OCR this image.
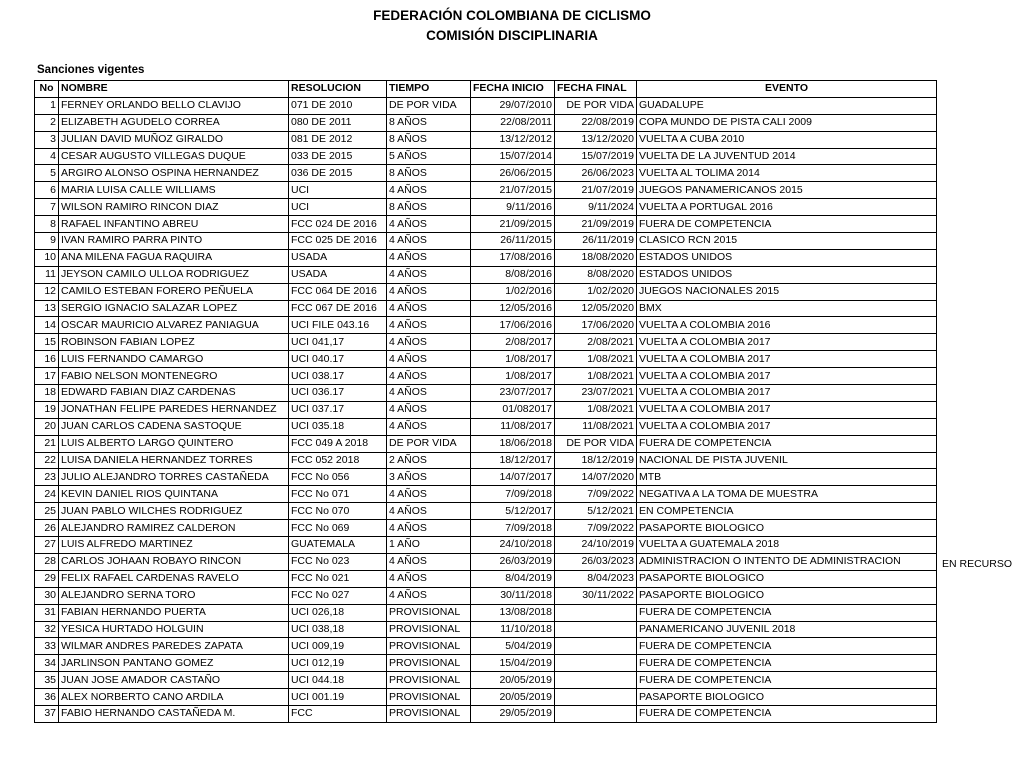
FEDERACIÓN COLOMBIANA DE CICLISMO
COMISIÓN DISCIPLINARIA
Sanciones vigentes
No	NOMBRE	RESOLUCION	TIEMPO	FECHA INICIO	FECHA FINAL	EVENTO
1	FERNEY ORLANDO BELLO CLAVIJO	071 DE 2010	DE POR VIDA	29/07/2010	DE POR VIDA	GUADALUPE
2	ELIZABETH AGUDELO CORREA	080 DE 2011	8 AÑOS	22/08/2011	22/08/2019	COPA MUNDO DE PISTA CALI 2009
3	JULIAN DAVID MUÑOZ GIRALDO	081 DE 2012	8 AÑOS	13/12/2012	13/12/2020	VUELTA A CUBA 2010
4	CESAR AUGUSTO VILLEGAS DUQUE	033 DE 2015	5 AÑOS	15/07/2014	15/07/2019	VUELTA DE LA JUVENTUD 2014
5	ARGIRO ALONSO OSPINA HERNANDEZ	036 DE 2015	8 AÑOS	26/06/2015	26/06/2023	VUELTA AL TOLIMA 2014
6	MARIA LUISA CALLE WILLIAMS	UCI	4 AÑOS	21/07/2015	21/07/2019	JUEGOS PANAMERICANOS 2015
7	WILSON RAMIRO RINCON DIAZ	UCI	8 AÑOS	9/11/2016	9/11/2024	VUELTA A PORTUGAL 2016
8	RAFAEL INFANTINO ABREU	FCC 024 DE 2016	4 AÑOS	21/09/2015	21/09/2019	FUERA DE COMPETENCIA
9	IVAN RAMIRO PARRA PINTO	FCC 025 DE 2016	4 AÑOS	26/11/2015	26/11/2019	CLASICO RCN 2015
10	ANA MILENA FAGUA RAQUIRA	USADA	4 AÑOS	17/08/2016	18/08/2020	ESTADOS UNIDOS
11	JEYSON CAMILO ULLOA RODRIGUEZ	USADA	4 AÑOS	8/08/2016	8/08/2020	ESTADOS UNIDOS
12	CAMILO ESTEBAN FORERO PEÑUELA	FCC 064 DE 2016	4 AÑOS	1/02/2016	1/02/2020	JUEGOS NACIONALES 2015
13	SERGIO IGNACIO SALAZAR LOPEZ	FCC 067 DE 2016	4 AÑOS	12/05/2016	12/05/2020	BMX
14	OSCAR MAURICIO ALVAREZ PANIAGUA	UCI FILE 043.16	4 AÑOS	17/06/2016	17/06/2020	VUELTA A COLOMBIA 2016
15	ROBINSON FABIAN LOPEZ	UCI 041,17	4 AÑOS	2/08/2017	2/08/2021	VUELTA A COLOMBIA 2017
16	LUIS FERNANDO CAMARGO	UCI 040.17	4 AÑOS	1/08/2017	1/08/2021	VUELTA A COLOMBIA 2017
17	FABIO NELSON MONTENEGRO	UCI 038.17	4 AÑOS	1/08/2017	1/08/2021	VUELTA A COLOMBIA 2017
18	EDWARD FABIAN DIAZ CARDENAS	UCI 036.17	4 AÑOS	23/07/2017	23/07/2021	VUELTA A COLOMBIA 2017
19	JONATHAN FELIPE PAREDES HERNANDEZ	UCI 037.17	4 AÑOS	01/082017	1/08/2021	VUELTA A COLOMBIA 2017
20	JUAN CARLOS CADENA SASTOQUE	UCI 035.18	4 AÑOS	11/08/2017	11/08/2021	VUELTA A COLOMBIA 2017
21	LUIS ALBERTO LARGO QUINTERO	FCC 049 A 2018	DE POR VIDA	18/06/2018	DE POR VIDA	FUERA DE COMPETENCIA
22	LUISA DANIELA HERNANDEZ TORRES	FCC 052 2018	2 AÑOS	18/12/2017	18/12/2019	NACIONAL DE PISTA JUVENIL
23	JULIO ALEJANDRO TORRES CASTAÑEDA	FCC No 056	3 AÑOS	14/07/2017	14/07/2020	MTB
24	KEVIN DANIEL RIOS QUINTANA	FCC No 071	4 AÑOS	7/09/2018	7/09/2022	NEGATIVA A LA TOMA DE MUESTRA
25	JUAN PABLO WILCHES RODRIGUEZ	FCC No 070	4 AÑOS	5/12/2017	5/12/2021	EN COMPETENCIA
26	ALEJANDRO RAMIREZ CALDERON	FCC No 069	4 AÑOS	7/09/2018	7/09/2022	PASAPORTE BIOLOGICO
27	LUIS ALFREDO MARTINEZ	GUATEMALA	1 AÑO	24/10/2018	24/10/2019	VUELTA A GUATEMALA 2018
28	CARLOS JOHAAN ROBAYO RINCON	FCC No 023	4 AÑOS	26/03/2019	26/03/2023	ADMINISTRACION O INTENTO DE ADMINISTRACION
29	FELIX RAFAEL CARDENAS RAVELO	FCC No 021	4 AÑOS	8/04/2019	8/04/2023	PASAPORTE BIOLOGICO
30	ALEJANDRO SERNA TORO	FCC No 027	4 AÑOS	30/11/2018	30/11/2022	PASAPORTE BIOLOGICO
31	FABIAN HERNANDO PUERTA	UCI 026,18	PROVISIONAL	13/08/2018		FUERA DE COMPETENCIA
32	YESICA HURTADO HOLGUIN	UCI 038,18	PROVISIONAL	11/10/2018		PANAMERICANO JUVENIL 2018
33	WILMAR ANDRES PAREDES ZAPATA	UCI 009,19	PROVISIONAL	5/04/2019		FUERA DE COMPETENCIA
34	JARLINSON PANTANO GOMEZ	UCI 012,19	PROVISIONAL	15/04/2019		FUERA DE COMPETENCIA
35	JUAN JOSE AMADOR CASTAÑO	UCI 044.18	PROVISIONAL	20/05/2019		FUERA DE COMPETENCIA
36	ALEX NORBERTO CANO ARDILA	UCI 001.19	PROVISIONAL	20/05/2019		PASAPORTE BIOLOGICO
37	FABIO HERNANDO CASTAÑEDA M.	FCC	PROVISIONAL	29/05/2019		FUERA DE COMPETENCIA
EN RECURSO
